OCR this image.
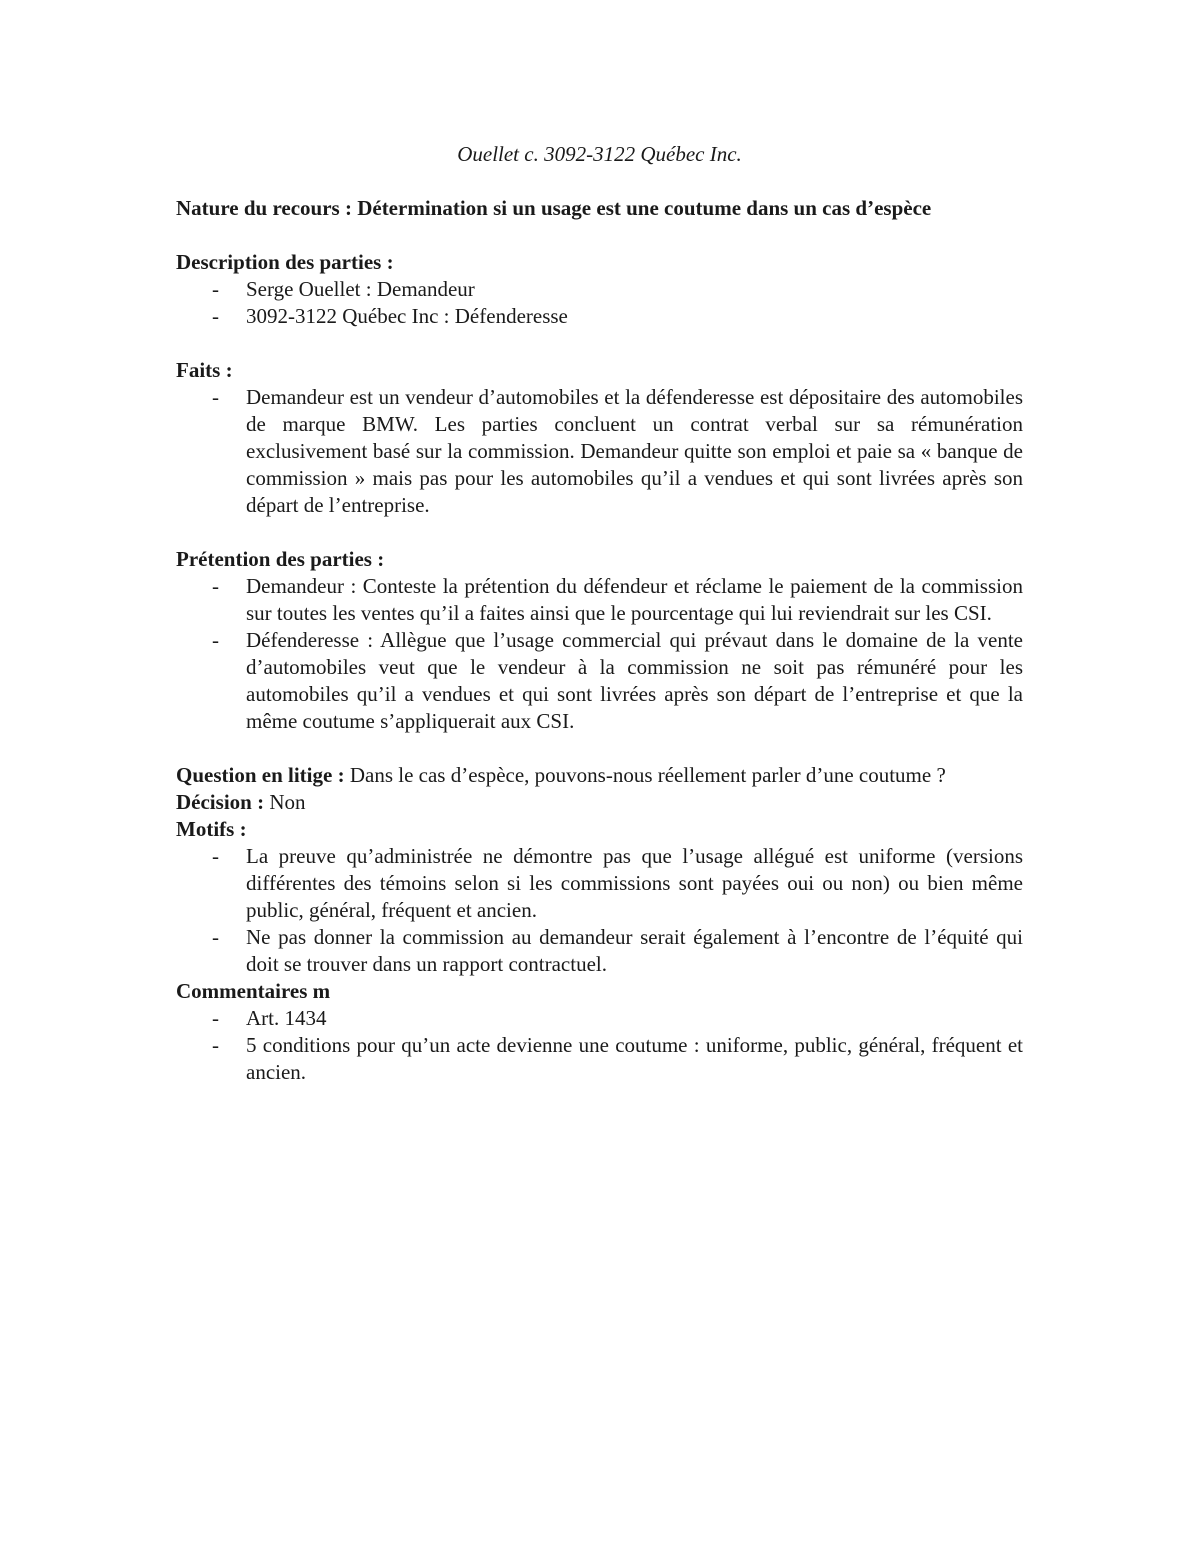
Ouellet c. 3092-3122 Québec Inc.
Nature du recours : Détermination si un usage est une coutume dans un cas d’espèce
Description des parties :
- Serge Ouellet : Demandeur
- 3092-3122 Québec Inc : Défenderesse
Faits :
- Demandeur est un vendeur d’automobiles et la défenderesse est dépositaire des automobiles de marque BMW. Les parties concluent un contrat verbal sur sa rémunération exclusivement basé sur la commission. Demandeur quitte son emploi et paie sa « banque de commission » mais pas pour les automobiles qu’il a vendues et qui sont livrées après son départ de l’entreprise.
Prétention des parties :
- Demandeur : Conteste la prétention du défendeur et réclame le paiement de la commission sur toutes les ventes qu’il a faites ainsi que le pourcentage qui lui reviendrait sur les CSI.
- Défenderesse : Allègue que l’usage commercial qui prévaut dans le domaine de la vente d’automobiles veut que le vendeur à la commission ne soit pas rémunéré pour les automobiles qu’il a vendues et qui sont livrées après son départ de l’entreprise et que la même coutume s’appliquerait aux CSI.
Question en litige : Dans le cas d’espèce, pouvons-nous réellement parler d’une coutume ?
Décision : Non
Motifs :
- La preuve qu’administrée ne démontre pas que l’usage allégué est uniforme (versions différentes des témoins selon si les commissions sont payées oui ou non) ou bien même public, général, fréquent et ancien.
- Ne pas donner la commission au demandeur serait également à l’encontre de l’équité qui doit se trouver dans un rapport contractuel.
Commentaires m
- Art. 1434
- 5 conditions pour qu’un acte devienne une coutume : uniforme, public, général, fréquent et ancien.
